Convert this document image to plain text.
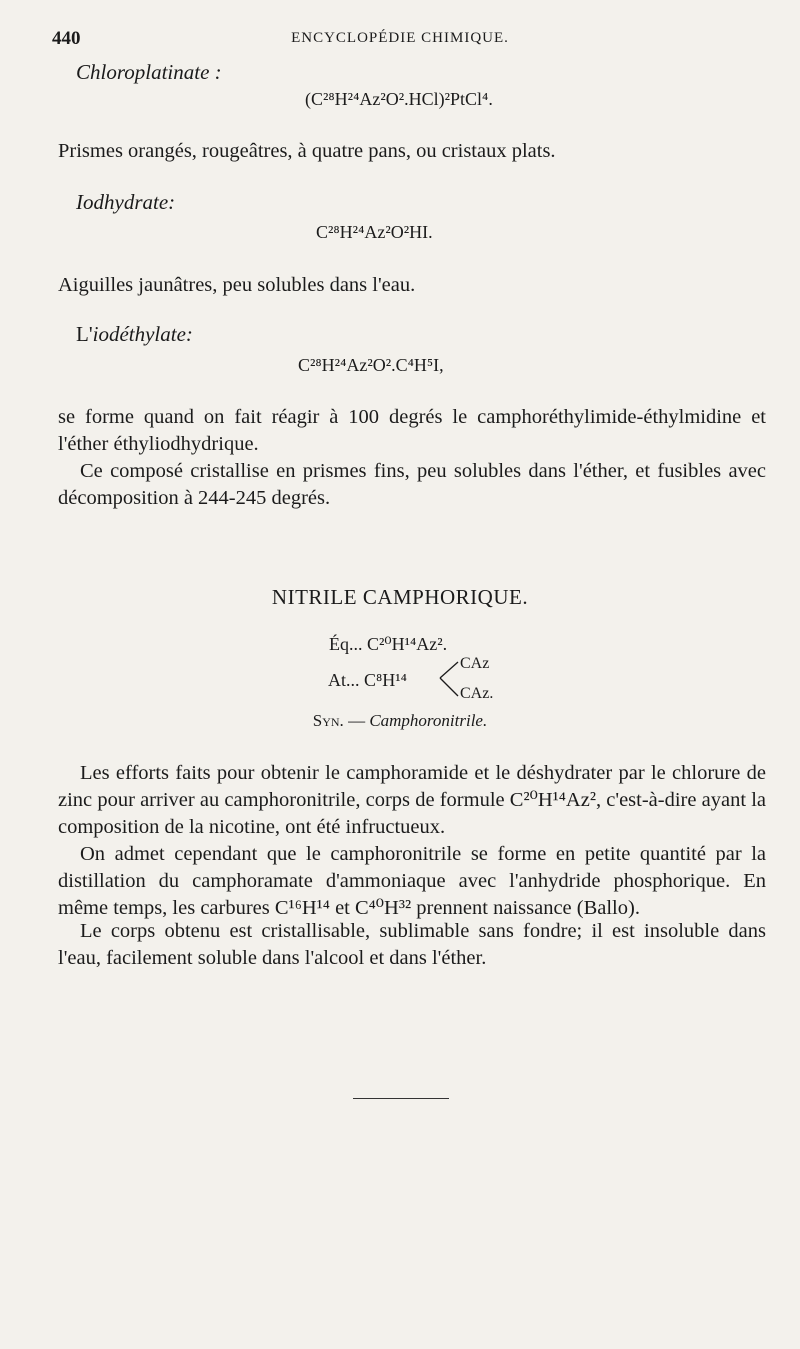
440	ENCYCLOPÉDIE CHIMIQUE.
Chloroplatinate :
(C²⁸H²⁴Az²O².HCl)²PtCl⁴.
Prismes orangés, rougeâtres, à quatre pans, ou cristaux plats.
Iodhydrate:
C²⁸H²⁴Az²O²HI.
Aiguilles jaunâtres, peu solubles dans l'eau.
L'iodéthylate:
C²⁸H²⁴Az²O².C⁴H⁵I,
se forme quand on fait réagir à 100 degrés le camphoréthylimide-éthylmidine et l'éther éthyliodhydrique.
Ce composé cristallise en prismes fins, peu solubles dans l'éther, et fusibles avec décomposition à 244-245 degrés.
NITRILE CAMPHORIQUE.
Éq... C²⁰H¹⁴Az².
At... C⁸H¹⁴
CAz
CAz.
Syn. — Camphoronitrile.
Les efforts faits pour obtenir le camphoramide et le déshydrater par le chlorure de zinc pour arriver au camphoronitrile, corps de formule C²⁰H¹⁴Az², c'est-à-dire ayant la composition de la nicotine, ont été infructueux.
On admet cependant que le camphoronitrile se forme en petite quantité par la distillation du camphoramate d'ammoniaque avec l'anhydride phosphorique. En même temps, les carbures C¹⁶H¹⁴ et C⁴⁰H³² prennent naissance (Ballo).
Le corps obtenu est cristallisable, sublimable sans fondre; il est insoluble dans l'eau, facilement soluble dans l'alcool et dans l'éther.
